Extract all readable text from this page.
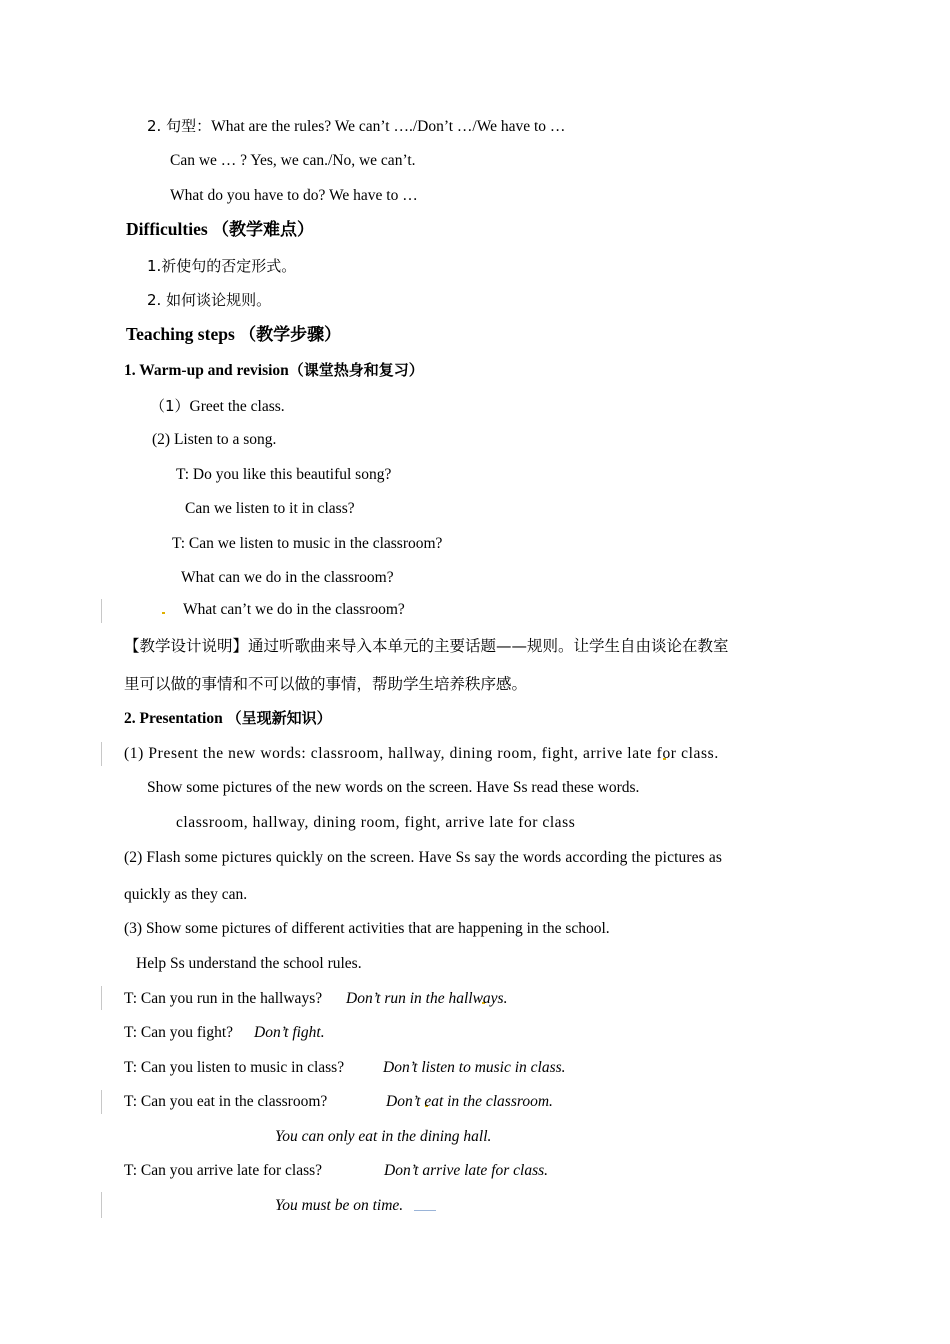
2. 句型：What are the rules? We can’t …./Don’t …/We have to …
Can we … ? Yes, we can./No, we can’t.
What do you have to do? We have to …
Difficulties （教学难点）
1.祈使句的否定形式。
2. 如何谈论规则。
Teaching steps （教学步骤）
1. Warm-up and revision（课堂热身和复习）
（1）Greet the class.
(2) Listen to a song.
T: Do you like this beautiful song?
Can we listen to it in class?
T: Can we listen to music in the classroom?
What can we do in the classroom?
What can’t we do in the classroom?
【教学设计说明】通过听歌曲来导入本单元的主要话题——规则。让学生自由谈论在教室
里可以做的事情和不可以做的事情，帮助学生培养秩序感。
2. Presentation （呈现新知识）
(1) Present the new words: classroom, hallway, dining room, fight, arrive late for class.
Show some pictures of the new words on the screen. Have Ss read these words.
classroom, hallway, dining room, fight, arrive late for class
(2) Flash some pictures quickly on the screen. Have Ss say the words according the pictures as
quickly as they can.
(3) Show some pictures of different activities that are happening in the school.
Help Ss understand the school rules.
T: Can you run in the hallways? Don’t run in the hallways.
T: Can you fight? Don’t fight.
T: Can you listen to music in class?	Don’t listen to music in class.
T: Can you eat in the classroom?	Don’t eat in the classroom.
You can only eat in the dining hall.
T: Can you arrive late for class?	Don’t arrive late for class.
You must be on time.
